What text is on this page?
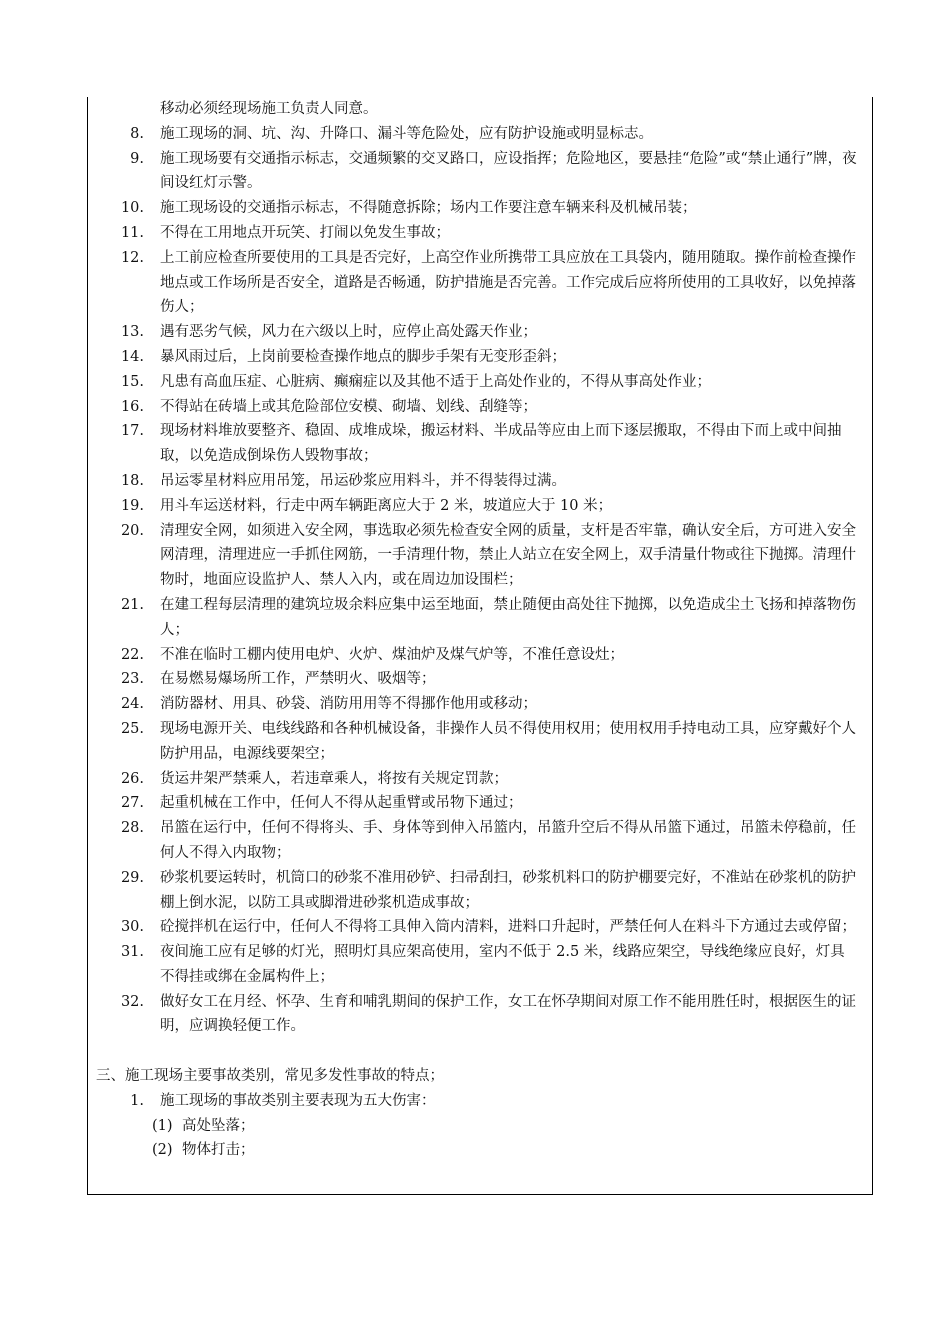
移动必须经现场施工负责人同意。
8. 施工现场的洞、坑、沟、升降口、漏斗等危险处，应有防护设施或明显标志。
9. 施工现场要有交通指示标志，交通频繁的交叉路口，应设指挥；危险地区，要悬挂“危险”或“禁止通行”牌，夜间设红灯示警。
10. 施工现场设的交通指示标志，不得随意拆除；场内工作要注意车辆来科及机械吊装；
11. 不得在工用地点开玩笑、打闹以免发生事故；
12. 上工前应检查所要使用的工具是否完好，上高空作业所携带工具应放在工具袋内，随用随取。操作前检查操作地点或工作场所是否安全，道路是否畅通，防护措施是否完善。工作完成后应将所使用的工具收好，以免掉落伤人；
13. 遇有恶劣气候，风力在六级以上时，应停止高处露天作业；
14. 暴风雨过后，上岗前要检查操作地点的脚步手架有无变形歪斜；
15. 凡患有高血压症、心脏病、癫痫症以及其他不适于上高处作业的，不得从事高处作业；
16. 不得站在砖墙上或其危险部位安模、砌墙、划线、刮缝等；
17. 现场材料堆放要整齐、稳固、成堆成垛，搬运材料、半成品等应由上而下逐层搬取，不得由下而上或中间抽取，以免造成倒垛伤人毁物事故；
18. 吊运零星材料应用吊笼，吊运砂浆应用料斗，并不得装得过满。
19. 用斗车运送材料，行走中两车辆距离应大于 2 米，坡道应大于 10 米；
20. 清理安全网，如须进入安全网，事选取必须先检查安全网的质量，支杆是否牢靠，确认安全后，方可进入安全网清理，清理进应一手抓住网筋，一手清理什物，禁止人站立在安全网上，双手清量什物或往下抛掷。清理什物时，地面应设监护人、禁人入内，或在周边加设围栏；
21. 在建工程每层清理的建筑垃圾余料应集中运至地面，禁止随便由高处往下抛掷，以免造成尘土飞扬和掉落物伤人；
22. 不准在临时工棚内使用电炉、火炉、煤油炉及煤气炉等，不准任意设灶；
23. 在易燃易爆场所工作，严禁明火、吸烟等；
24. 消防器材、用具、砂袋、消防用用等不得挪作他用或移动；
25. 现场电源开关、电线线路和各种机械设备，非操作人员不得使用权用；使用权用手持电动工具，应穿戴好个人防护用品，电源线要架空；
26. 货运井架严禁乘人，若违章乘人，将按有关规定罚款；
27. 起重机械在工作中，任何人不得从起重臂或吊物下通过；
28. 吊篮在运行中，任何不得将头、手、身体等到伸入吊篮内，吊篮升空后不得从吊篮下通过，吊篮未停稳前，任何人不得入内取物；
29. 砂浆机要运转时，机筒口的砂浆不准用砂铲、扫帚刮扫，砂浆机料口的防护棚要完好，不准站在砂浆机的防护棚上倒水泥，以防工具或脚滑进砂浆机造成事故；
30. 砼搅拌机在运行中，任何人不得将工具伸入筒内清料，进料口升起时，严禁任何人在料斗下方通过去或停留；
31. 夜间施工应有足够的灯光，照明灯具应架高使用，室内不低于 2.5 米，线路应架空，导线绝缘应良好，灯具不得挂或绑在金属构件上；
32. 做好女工在月经、怀孕、生育和哺乳期间的保护工作，女工在怀孕期间对原工作不能用胜任时，根据医生的证明，应调换轻便工作。
三、施工现场主要事故类别，常见多发性事故的特点；
1. 施工现场的事故类别主要表现为五大伤害：
(1) 高处坠落；
(2) 物体打击；
